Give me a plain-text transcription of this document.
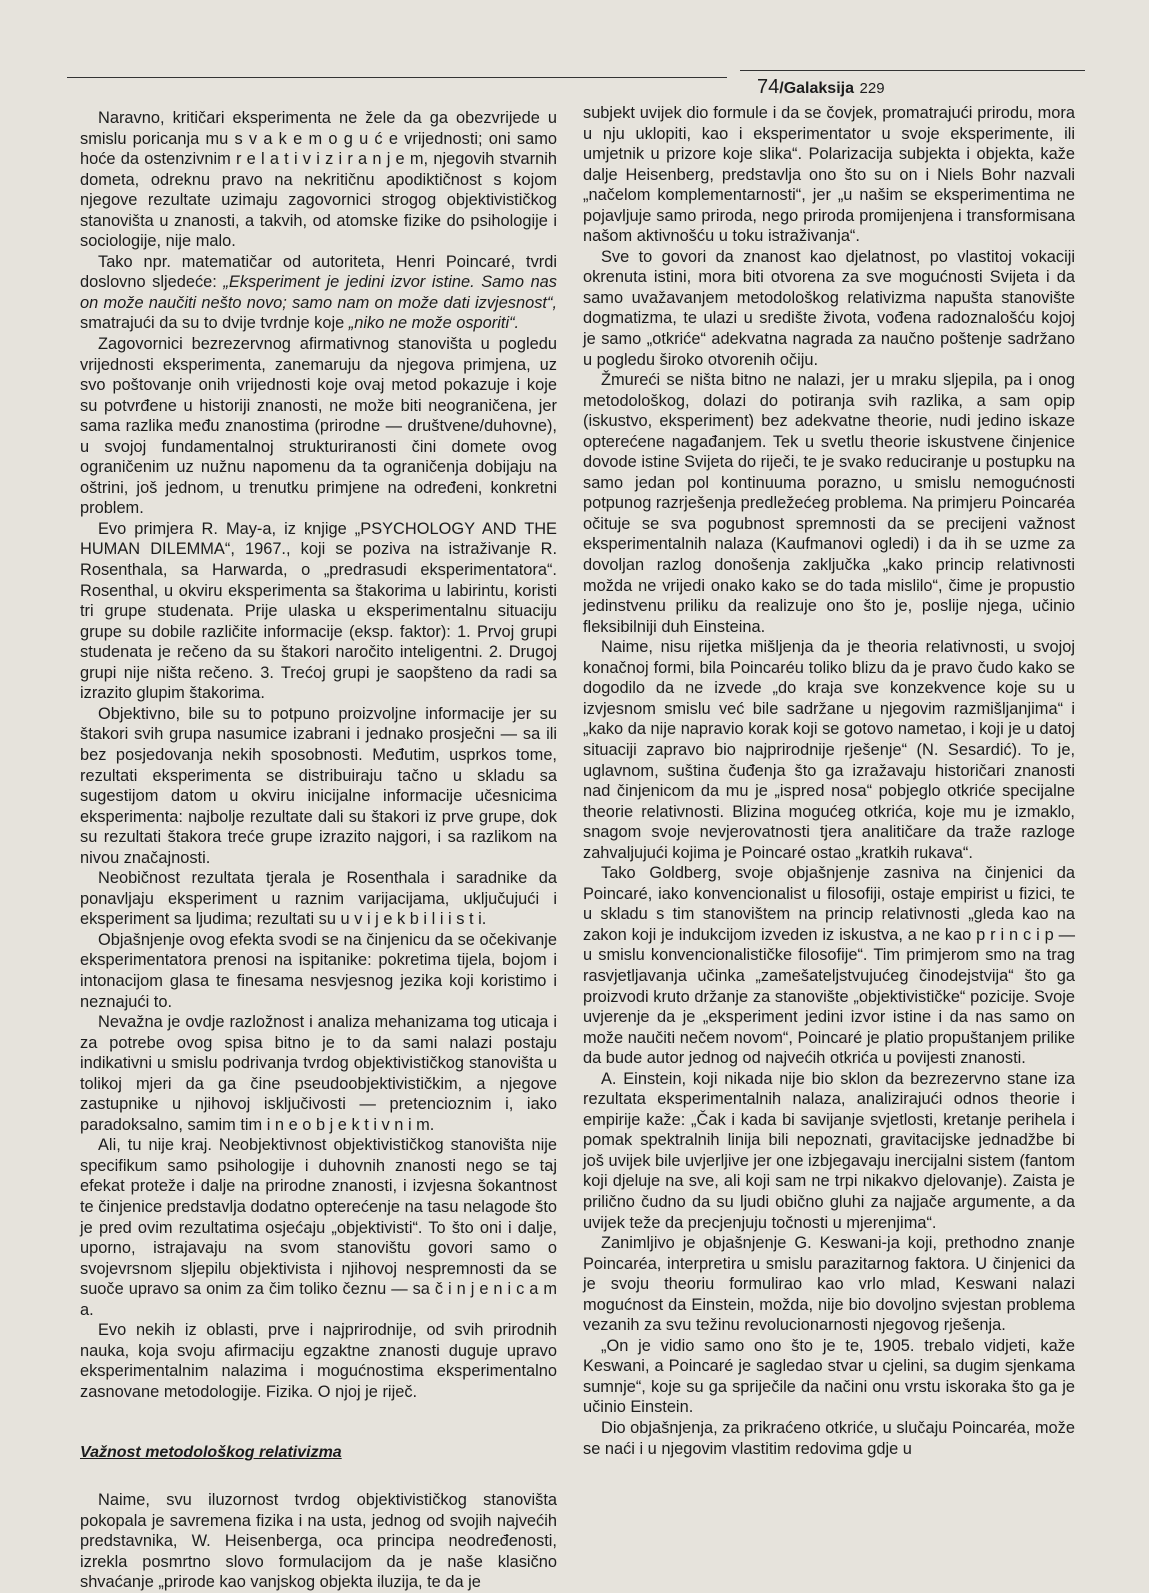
74/Galaksija 229

Naravno, kritičari eksperimenta ne žele da ga obezvrijede u smislu poricanja mu s v a k e m o g u ć e vrijednosti; oni samo hoće da ostenzivnim r e l a t i v i z i r a n j e m, njegovih stvarnih dometa, odreknu pravo na nekritičnu apodiktičnost s kojom njegove rezultate uzimaju zagovornici strogog objektivističkog stanovišta u znanosti, a takvih, od atomske fizike do psihologije i sociologije, nije malo.

Tako npr. matematičar od autoriteta, Henri Poincaré, tvrdi doslovno sljedeće: „Eksperiment je jedini izvor istine. Samo nas on može naučiti nešto novo; samo nam on može dati izvjesnost“, smatrajući da su to dvije tvrdnje koje „niko ne može osporiti“.

Zagovornici bezrezervnog afirmativnog stanovišta u pogledu vrijednosti eksperimenta, zanemaruju da njegova primjena, uz svo poštovanje onih vrijednosti koje ovaj metod pokazuje i koje su potvrđene u historiji znanosti, ne može biti neograničena, jer sama razlika među znanostima (prirodne — društvene/duhovne), u svojoj fundamentalnoj strukturiranosti čini domete ovog ograničenim uz nužnu napomenu da ta ograničenja dobijaju na oštrini, još jednom, u trenutku primjene na određeni, konkretni problem.

Evo primjera R. May-a, iz knjige „PSYCHOLOGY AND THE HUMAN DILEMMA“, 1967., koji se poziva na istraživanje R. Rosenthala, sa Harwarda, o „predrasudi eksperimentatora“. Rosenthal, u okviru eksperimenta sa štakorima u labirintu, koristi tri grupe studenata. Prije ulaska u eksperimentalnu situaciju grupe su dobile različite informacije (eksp. faktor): 1. Prvoj grupi studenata je rečeno da su štakori naročito inteligentni. 2. Drugoj grupi nije ništa rečeno. 3. Trećoj grupi je saopšteno da radi sa izrazito glupim štakorima.

Objektivno, bile su to potpuno proizvoljne informacije jer su štakori svih grupa nasumice izabrani i jednako prosječni — sa ili bez posjedovanja nekih sposobnosti. Međutim, usprkos tome, rezultati eksperimenta se distribuiraju tačno u skladu sa sugestijom datom u okviru inicijalne informacije učesnicima eksperimenta: najbolje rezultate dali su štakori iz prve grupe, dok su rezultati štakora treće grupe izrazito najgori, i sa razlikom na nivou značajnosti.

Neobičnost rezultata tjerala je Rosenthala i saradnike da ponavljaju eksperiment u raznim varijacijama, uključujući i eksperiment sa ljudima; rezultati su u v i j e k b i l i i s t i.

Objašnjenje ovog efekta svodi se na činjenicu da se očekivanje eksperimentatora prenosi na ispitanike: pokretima tijela, bojom i intonacijom glasa te finesama nesvjesnog jezika koji koristimo i neznajući to.

Nevažna je ovdje razložnost i analiza mehanizama tog uticaja i za potrebe ovog spisa bitno je to da sami nalazi postaju indikativni u smislu podrivanja tvrdog objektivističkog stanovišta u tolikoj mjeri da ga čine pseudoobjektivističkim, a njegove zastupnike u njihovoj isključivosti — pretencioznim i, iako paradoksalno, samim tim i n e o b j e k t i v n i m.

Ali, tu nije kraj. Neobjektivnost objektivističkog stanovišta nije specifikum samo psihologije i duhovnih znanosti nego se taj efekat proteže i dalje na prirodne znanosti, i izvjesna šokantnost te činjenice predstavlja dodatno opterećenje na tasu nelagode što je pred ovim rezultatima osjećaju „objektivisti“. To što oni i dalje, uporno, istrajavaju na svom stanovištu govori samo o svojevrsnom sljepilu objektivista i njihovoj nespremnosti da se suoče upravo sa onim za čim toliko čeznu — sa č i n j e n i c a m a.

Evo nekih iz oblasti, prve i najprirodnije, od svih prirodnih nauka, koja svoju afirmaciju egzaktne znanosti duguje upravo eksperimentalnim nalazima i mogućnostima eksperimentalno zasnovane metodologije. Fizika. O njoj je riječ.

Važnost metodološkog relativizma

Naime, svu iluzornost tvrdog objektivističkog stanovišta pokopala je savremena fizika i na usta, jednog od svojih najvećih predstavnika, W. Heisenberga, oca principa neodređenosti, izrekla posmrtno slovo formulacijom da je naše klasično shvaćanje „prirode kao vanjskog objekta iluzija, te da je

subjekt uvijek dio formule i da se čovjek, promatrajući prirodu, mora u nju uklopiti, kao i eksperimentator u svoje eksperimente, ili umjetnik u prizore koje slika“. Polarizacija subjekta i objekta, kaže dalje Heisenberg, predstavlja ono što su on i Niels Bohr nazvali „načelom komplementarnosti“, jer „u našim se eksperimentima ne pojavljuje samo priroda, nego priroda promijenjena i transformisana našom aktivnošću u toku istraživanja“.

Sve to govori da znanost kao djelatnost, po vlastitoj vokaciji okrenuta istini, mora biti otvorena za sve mogućnosti Svijeta i da samo uvažavanjem metodološkog relativizma napušta stanovište dogmatizma, te ulazi u središte života, vođena radoznalošću kojoj je samo „otkriće“ adekvatna nagrada za naučno poštenje sadržano u pogledu široko otvorenih očiju.

Žmureći se ništa bitno ne nalazi, jer u mraku sljepila, pa i onog metodološkog, dolazi do potiranja svih razlika, a sam opip (iskustvo, eksperiment) bez adekvatne theorie, nudi jedino iskaze opterećene nagađanjem. Tek u svetlu theorie iskustvene činjenice dovode istine Svijeta do riječi, te je svako reduciranje u postupku na samo jedan pol kontinuuma porazno, u smislu nemogućnosti potpunog razrješenja predležećeg problema. Na primjeru Poincaréa očituje se sva pogubnost spremnosti da se precijeni važnost eksperimentalnih nalaza (Kaufmanovi ogledi) i da ih se uzme za dovoljan razlog donošenja zaključka „kako princip relativnosti možda ne vrijedi onako kako se do tada mislilo“, čime je propustio jedinstvenu priliku da realizuje ono što je, poslije njega, učinio fleksibilniji duh Einsteina.

Naime, nisu rijetka mišljenja da je theoria relativnosti, u svojoj konačnoj formi, bila Poincaréu toliko blizu da je pravo čudo kako se dogodilo da ne izvede „do kraja sve konzekvence koje su u izvjesnom smislu već bile sadržane u njegovim razmišljanjima“ i „kako da nije napravio korak koji se gotovo nametao, i koji je u datoj situaciji zapravo bio najprirodnije rješenje“ (N. Sesardić). To je, uglavnom, suština čuđenja što ga izražavaju historičari znanosti nad činjenicom da mu je „ispred nosa“ pobjeglo otkriće specijalne theorie relativnosti. Blizina mogućeg otkrića, koje mu je izmaklo, snagom svoje nevjerovatnosti tjera analitičare da traže razloge zahvaljujući kojima je Poincaré ostao „kratkih rukava“.

Tako Goldberg, svoje objašnjenje zasniva na činjenici da Poincaré, iako konvencionalist u filosofiji, ostaje empirist u fizici, te u skladu s tim stanovištem na princip relativnosti „gleda kao na zakon koji je indukcijom izveden iz iskustva, a ne kao p r i n c i p — u smislu konvencionalističke filosofije“. Tim primjerom smo na trag rasvjetljavanja učinka „zamešateljstvujućeg činodejstvija“ što ga proizvodi kruto držanje za stanovište „objektivističke“ pozicije. Svoje uvjerenje da je „eksperiment jedini izvor istine i da nas samo on može naučiti nečem novom“, Poincaré je platio propuštanjem prilike da bude autor jednog od najvećih otkrića u povijesti znanosti.

A. Einstein, koji nikada nije bio sklon da bezrezervno stane iza rezultata eksperimentalnih nalaza, analizirajući odnos theorie i empirije kaže: „Čak i kada bi savijanje svjetlosti, kretanje perihela i pomak spektralnih linija bili nepoznati, gravitacijske jednadžbe bi još uvijek bile uvjerljive jer one izbjegavaju inercijalni sistem (fantom koji djeluje na sve, ali koji sam ne trpi nikakvo djelovanje). Zaista je prilično čudno da su ljudi obično gluhi za najjače argumente, a da uvijek teže da precjenjuju točnosti u mjerenjima“.

Zanimljivo je objašnjenje G. Keswani-ja koji, prethodno znanje Poincaréa, interpretira u smislu parazitarnog faktora. U činjenici da je svoju theoriu formulirao kao vrlo mlad, Keswani nalazi mogućnost da Einstein, možda, nije bio dovoljno svjestan problema vezanih za svu težinu revolucionarnosti njegovog rješenja.

„On je vidio samo ono što je te, 1905. trebalo vidjeti, kaže Keswani, a Poincaré je sagledao stvar u cjelini, sa dugim sjenkama sumnje“, koje su ga spriječile da načini onu vrstu iskoraka što ga je učinio Einstein.

Dio objašnjenja, za prikraćeno otkriće, u slučaju Poincaréa, može se naći i u njegovim vlastitim redovima gdje u
